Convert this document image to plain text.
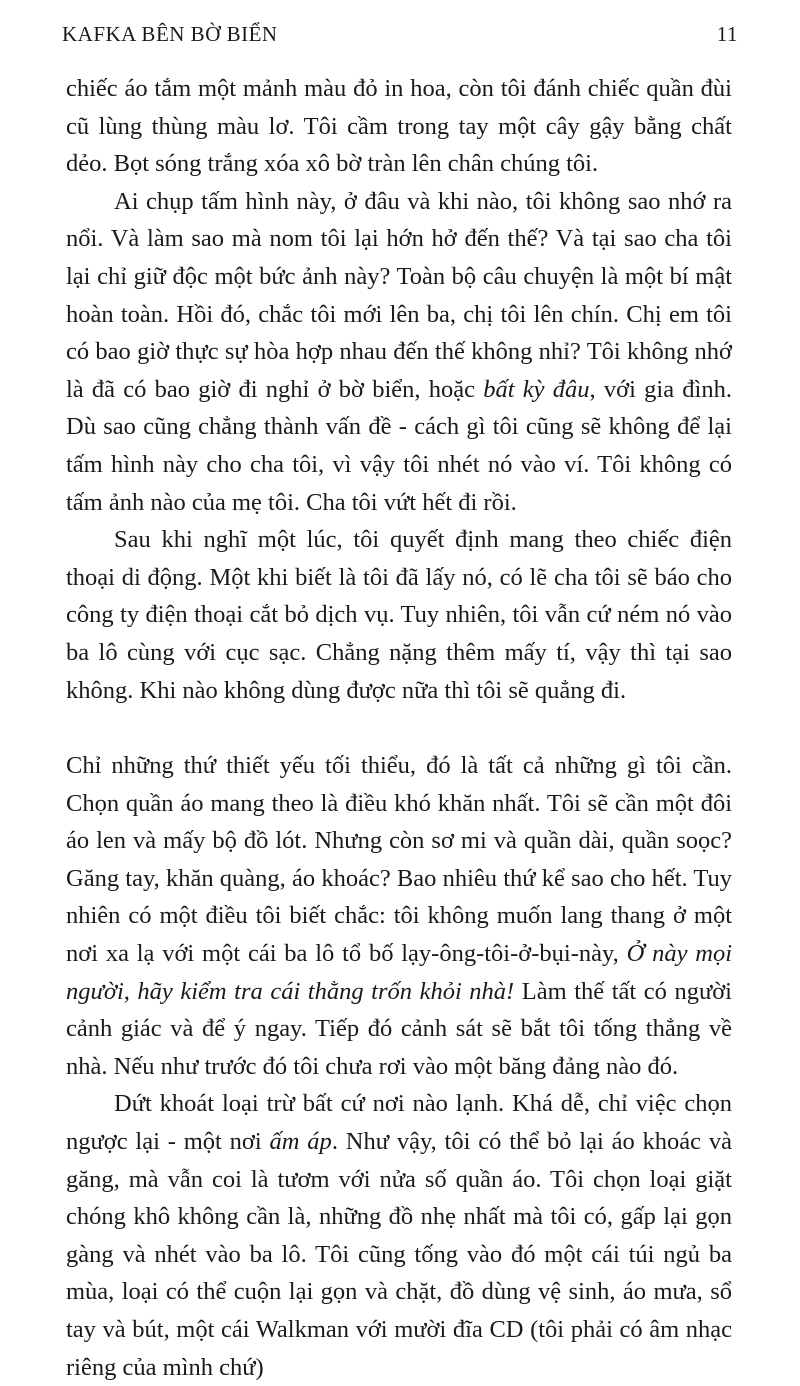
KAFKA BÊN BỜ BIỂN	11

chiếc áo tắm một mảnh màu đỏ in hoa, còn tôi đánh chiếc quần đùi cũ lùng thùng màu lơ. Tôi cầm trong tay một cây gậy bằng chất dẻo. Bọt sóng trắng xóa xô bờ tràn lên chân chúng tôi.

Ai chụp tấm hình này, ở đâu và khi nào, tôi không sao nhớ ra nổi. Và làm sao mà nom tôi lại hớn hở đến thế? Và tại sao cha tôi lại chỉ giữ độc một bức ảnh này? Toàn bộ câu chuyện là một bí mật hoàn toàn. Hồi đó, chắc tôi mới lên ba, chị tôi lên chín. Chị em tôi có bao giờ thực sự hòa hợp nhau đến thế không nhỉ? Tôi không nhớ là đã có bao giờ đi nghỉ ở bờ biển, hoặc bất kỳ đâu, với gia đình. Dù sao cũng chẳng thành vấn đề - cách gì tôi cũng sẽ không để lại tấm hình này cho cha tôi, vì vậy tôi nhét nó vào ví. Tôi không có tấm ảnh nào của mẹ tôi. Cha tôi vứt hết đi rồi.

Sau khi nghĩ một lúc, tôi quyết định mang theo chiếc điện thoại di động. Một khi biết là tôi đã lấy nó, có lẽ cha tôi sẽ báo cho công ty điện thoại cắt bỏ dịch vụ. Tuy nhiên, tôi vẫn cứ ném nó vào ba lô cùng với cục sạc. Chẳng nặng thêm mấy tí, vậy thì tại sao không. Khi nào không dùng được nữa thì tôi sẽ quẳng đi.

Chỉ những thứ thiết yếu tối thiểu, đó là tất cả những gì tôi cần. Chọn quần áo mang theo là điều khó khăn nhất. Tôi sẽ cần một đôi áo len và mấy bộ đồ lót. Nhưng còn sơ mi và quần dài, quần soọc? Găng tay, khăn quàng, áo khoác? Bao nhiêu thứ kể sao cho hết. Tuy nhiên có một điều tôi biết chắc: tôi không muốn lang thang ở một nơi xa lạ với một cái ba lô tổ bố lạy-ông-tôi-ở-bụi-này, Ở này mọi người, hãy kiểm tra cái thằng trốn khỏi nhà! Làm thế tất có người cảnh giác và để ý ngay. Tiếp đó cảnh sát sẽ bắt tôi tống thẳng về nhà. Nếu như trước đó tôi chưa rơi vào một băng đảng nào đó.

Dứt khoát loại trừ bất cứ nơi nào lạnh. Khá dễ, chỉ việc chọn ngược lại - một nơi ấm áp. Như vậy, tôi có thể bỏ lại áo khoác và găng, mà vẫn coi là tươm với nửa số quần áo. Tôi chọn loại giặt chóng khô không cần là, những đồ nhẹ nhất mà tôi có, gấp lại gọn gàng và nhét vào ba lô. Tôi cũng tống vào đó một cái túi ngủ ba mùa, loại có thể cuộn lại gọn và chặt, đồ dùng vệ sinh, áo mưa, sổ tay và bút, một cái Walkman với mười đĩa CD (tôi phải có âm nhạc riêng của mình chứ)
